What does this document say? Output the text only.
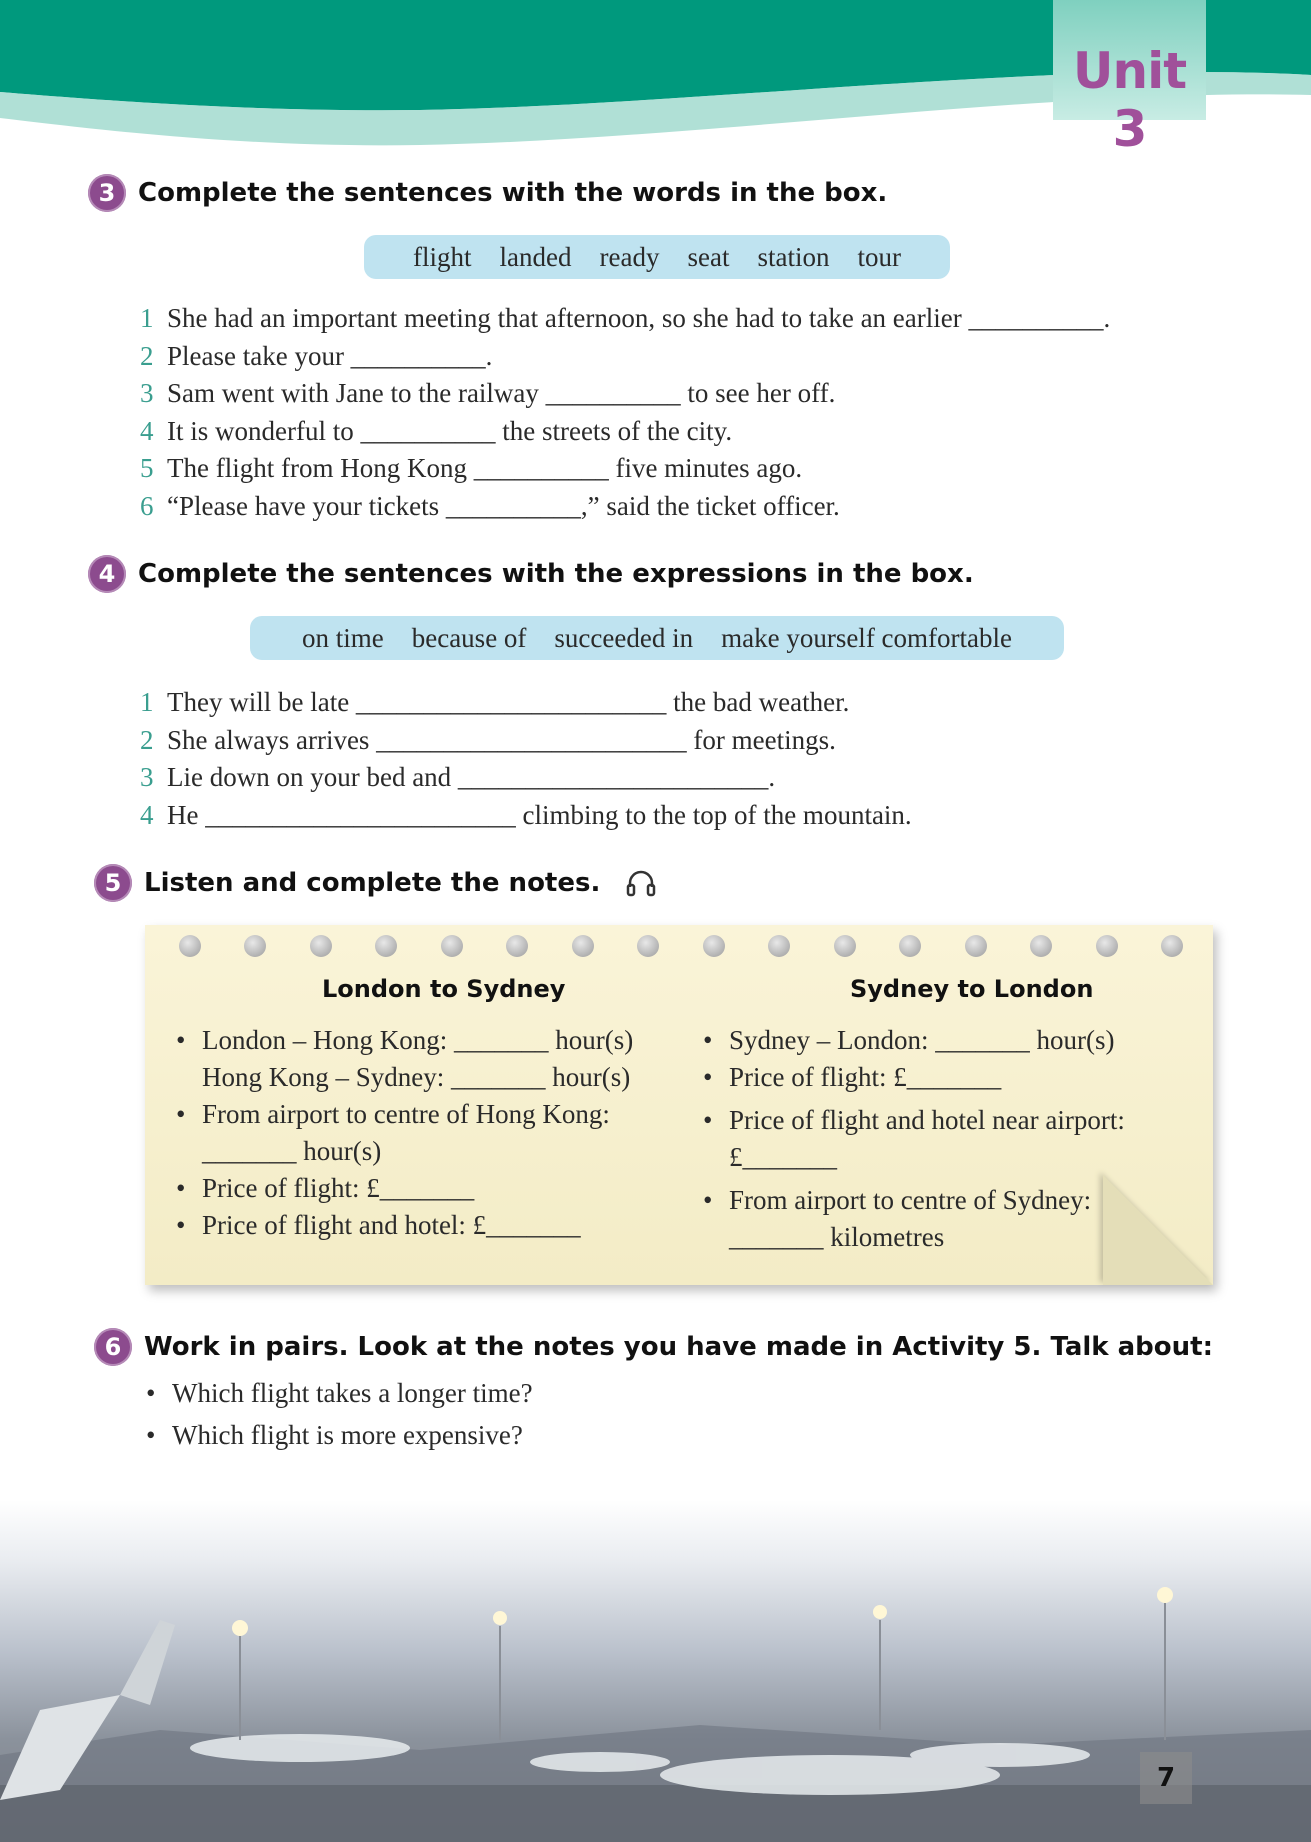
Unit 3
3 Complete the sentences with the words in the box.
flight landed ready seat station tour
1 She had an important meeting that afternoon, so she had to take an earlier __________.
2 Please take your __________.
3 Sam went with Jane to the railway __________ to see her off.
4 It is wonderful to __________ the streets of the city.
5 The flight from Hong Kong __________ five minutes ago.
6 “Please have your tickets __________,” said the ticket officer.
4 Complete the sentences with the expressions in the box.
on time because of succeeded in make yourself comfortable
1 They will be late _______________________ the bad weather.
2 She always arrives _______________________ for meetings.
3 Lie down on your bed and _______________________.
4 He _______________________ climbing to the top of the mountain.
5 Listen and complete the notes.
London to Sydney
• London – Hong Kong: _______ hour(s)
Hong Kong – Sydney: _______ hour(s)
• From airport to centre of Hong Kong:
_______ hour(s)
• Price of flight: £_______
• Price of flight and hotel: £_______
Sydney to London
• Sydney – London: _______ hour(s)
• Price of flight: £_______
• Price of flight and hotel near airport:
£_______
• From airport to centre of Sydney:
_______ kilometres
6 Work in pairs. Look at the notes you have made in Activity 5. Talk about:
• Which flight takes a longer time?
• Which flight is more expensive?
7
